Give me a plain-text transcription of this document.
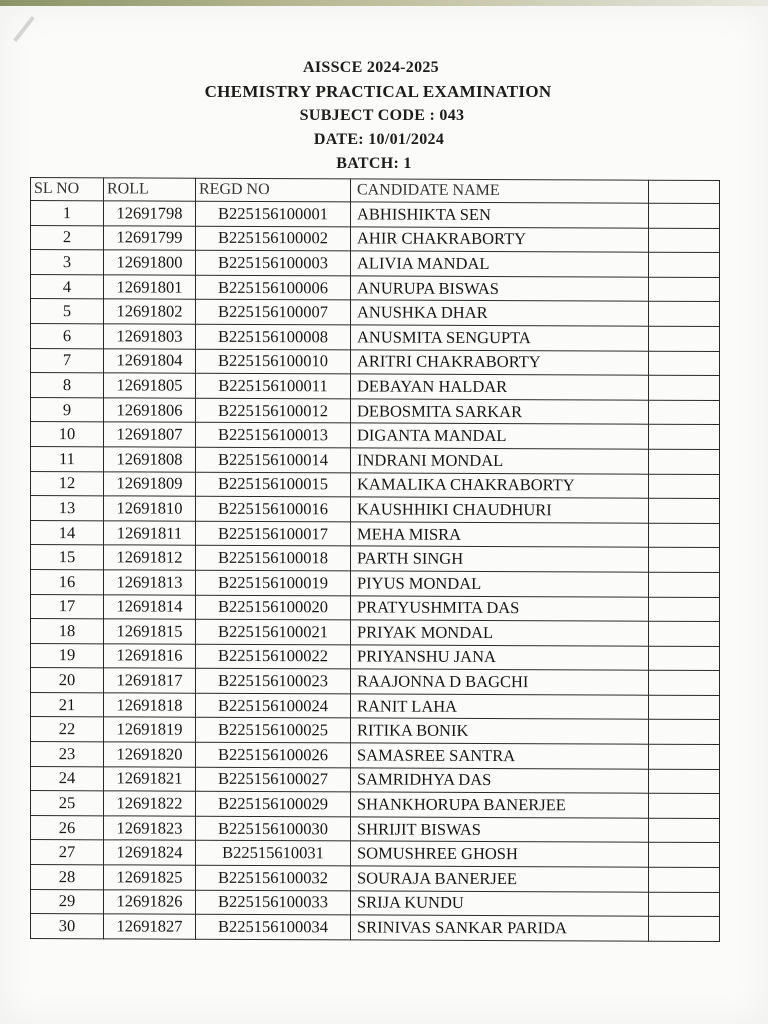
AISSCE 2024-2025
CHEMISTRY PRACTICAL EXAMINATION
SUBJECT CODE : 043
DATE: 10/01/2024
BATCH: 1
SL NO	ROLL	REGD NO	CANDIDATE NAME	
1	12691798	B225156100001	ABHISHIKTA SEN	
2	12691799	B225156100002	AHIR CHAKRABORTY	
3	12691800	B225156100003	ALIVIA MANDAL	
4	12691801	B225156100006	ANURUPA BISWAS	
5	12691802	B225156100007	ANUSHKA DHAR	
6	12691803	B225156100008	ANUSMITA SENGUPTA	
7	12691804	B225156100010	ARITRI CHAKRABORTY	
8	12691805	B225156100011	DEBAYAN HALDAR	
9	12691806	B225156100012	DEBOSMITA SARKAR	
10	12691807	B225156100013	DIGANTA MANDAL	
11	12691808	B225156100014	INDRANI MONDAL	
12	12691809	B225156100015	KAMALIKA CHAKRABORTY	
13	12691810	B225156100016	KAUSHHIKI CHAUDHURI	
14	12691811	B225156100017	MEHA MISRA	
15	12691812	B225156100018	PARTH SINGH	
16	12691813	B225156100019	PIYUS MONDAL	
17	12691814	B225156100020	PRATYUSHMITA DAS	
18	12691815	B225156100021	PRIYAK MONDAL	
19	12691816	B225156100022	PRIYANSHU JANA	
20	12691817	B225156100023	RAAJONNA D BAGCHI	
21	12691818	B225156100024	RANIT LAHA	
22	12691819	B225156100025	RITIKA BONIK	
23	12691820	B225156100026	SAMASREE SANTRA	
24	12691821	B225156100027	SAMRIDHYA DAS	
25	12691822	B225156100029	SHANKHORUPA BANERJEE	
26	12691823	B225156100030	SHRIJIT BISWAS	
27	12691824	B22515610031	SOMUSHREE GHOSH	
28	12691825	B225156100032	SOURAJA BANERJEE	
29	12691826	B225156100033	SRIJA KUNDU	
30	12691827	B225156100034	SRINIVAS SANKAR PARIDA	
